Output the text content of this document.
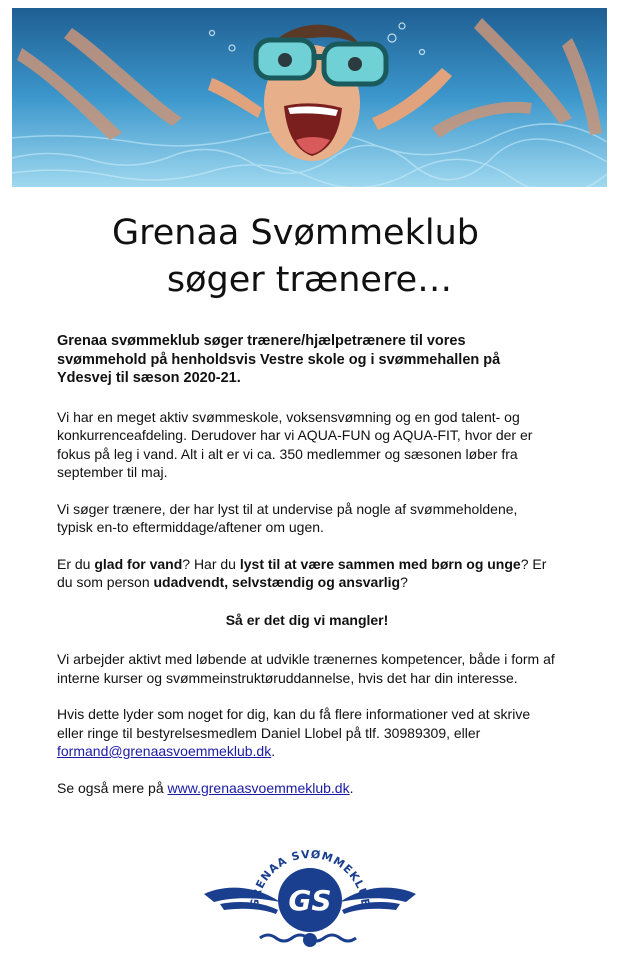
Grenaa Svømmeklub
søger trænere…

Grenaa svømmeklub søger trænere/hjælpetrænere til vores svømmehold på henholdsvis Vestre skole og i svømmehallen på Ydesvej til sæson 2020-21.

Vi har en meget aktiv svømmeskole, voksensvømning og en god talent- og konkurrenceafdeling. Derudover har vi AQUA-FUN og AQUA-FIT, hvor der er fokus på leg i vand. Alt i alt er vi ca. 350 medlemmer og sæsonen løber fra september til maj.

Vi søger trænere, der har lyst til at undervise på nogle af svømmeholdene, typisk en-to eftermiddage/aftener om ugen.

Er du glad for vand? Har du lyst til at være sammen med børn og unge? Er du som person udadvendt, selvstændig og ansvarlig?

Så er det dig vi mangler!

Vi arbejder aktivt med løbende at udvikle trænernes kompetencer, både i form af interne kurser og svømmeinstruktøruddannelse, hvis det har din interesse.

Hvis dette lyder som noget for dig, kan du få flere informationer ved at skrive eller ringe til bestyrelsesmedlem Daniel Llobel på tlf. 30989309, eller formand@grenaasvoemmeklub.dk.

Se også mere på www.grenaasvoemmeklub.dk.

GS
GRENAA SVØMMEKLUB
